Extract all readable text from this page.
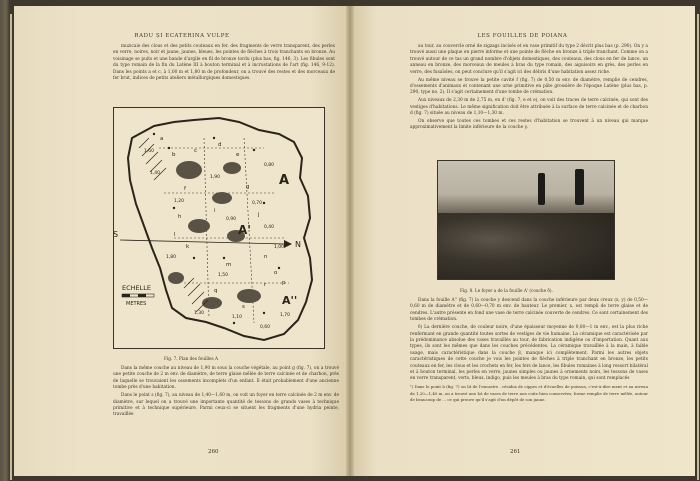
RADU ȘI ECATERINA VULPE

muzicaie des clous et des petits couteaux en fer, des fragments de verre transparent, des perles en verre, noires, noir et jaune, jaunes, bleues, les pointes de flèches à trois tranchants en bronze. Au voisinage se puits et une bande d'argile en fil de bronze tordu (plus bas, fig. 146, 3). Les fibules sont du type romain de la fin du Latène III à bouton terminal et à incrustations de l'art (fig. 146, 9-12). Dans les points a et c, à 1,00 m et 1,80 m de profondeur, on a trouvé des restes et des morceaux de fer brut, indices de petits ateliers métallurgiques domestiques.

Fig. 7. Plan des fouilles A

Dans la même couche au niveau de 1,90 m sous la couche végétale, au point g (fig. 7), on a trouvé une petite couche de 2 m env. de diamètre, de terre glaise mêlée de terre calcinée et de charbon, près de laquelle se trouvaient les ossements incomplets d'un enfant. Il était probablement d'une ancienne tombe près d'une habitation.

Dans le point s (fig. 7), au niveau de 1,40—1,60 m, on voit un foyer en terre calcinée de 2 m env. de diamètre, sur lequel on a trouvé une importante quantité de tessons de grands vases à technique primitive et à technique supérieure. Parmi ceux-ci se situent les fragments d'une hydria peinte, travaillée

260
S
N
A
A'
A''
a
b
c
d
e
f	g
h
i
j
k
l
m
n
o
p
q
r
s
1,60
1,40
0,80
1,20
1,90
0,90
1,80
1,50
0,40
1,00
1,30
1,10
0,60
1,70
0,70
ECHELLE
METRES
LES FOUILLES DE POIANA

au tour, au couvercle orné de zigzags incisés et en vase primitif du type 2 décrit plus bas (p. 290). On y a trouvé aussi une plaque en pierre informe et une pointe de flèche en bronze à triple tranchant. Comme on a trouvé autour de ce tas un grand nombre d'objets domestiques, des couteaux, des clous en fer de lance, un anneau en bronze, des morceaux de meules à bras du type romain, des aiguisoirs en grès, des perles en verre, des fusaïoles, on peut conclure qu'il s'agit ici des débris d'une habitation assez riche.

Au même niveau se trouve la petite cavité f (fig. 7) de 0,50 m env. de diamètre, remplie de cendres, d'ossements d'animaux et contenant une urne primitive en pâte grossière de l'époque Latène (plus bas, p. 290, type no. 2). Il s'agit certainement d'une tombe de crémation.

Aux niveaux de 2,30 m de 2,75 m, en d' (fig. 7, e et e), on voit des traces de terre calcinée, qui sont des vestiges d'habitations. Le même signification doit être attribuée à la surface de terre calcinée et de charbon d (fig. 7) située au niveau de 1,10—1,30 m.

On observe que toutes ces tombes et ces restes d'habitation se trouvent à un niveau qui marque approximativement la limite inférieure de la couche γ.

Fig. 8. Le foyer a de la fouille A' (couche δ).

Dans la fouille A'' (fig. 7) la couche y descend dans la couche inférieure par deux creux (x, y) de 0,50—0,60 m de diamètre et de 0,60—0,70 m env. de hauteur. Le premier, x, est rempli de terre glaise et de cendres. L'autre présente en fond une vase de terre calcinée couverte de cendres. Ce sont certainement des tombes de crémation.

δ) La dernière couche, de couleur noire, d'une épaisseur moyenne de 0,80—1 m env., est la plus riche renfermant en grande quantité toutes sortes de vestiges de vie humaine. La céramique est caractérisée par la prédominance absolue des vases travaillés au tour, de fabrication indigène ou d'importation. Quant aux types, ils sont les mêmes que dans les couches précédentes. La céramique travaillée à la main, à faible usage, mais caractéristique dans la couche β, manque ici complètement. Parmi les autres objets caractéristiques de cette couche je vois les pointes de flèches à triple tranchant en bronze, les petits couteaux en fer, les clous et les crochets en fer, les fers de lance, les fibules romaines à long ressort bilatéral et à bouton terminal, les perles en verre, jaunes simples ou jaunes à ornements noirs, les tessons de vases en verre transparent, verts, bleus, indigo, puis les meules à bras du type romain, qui sont remplacés

¹) Dans le point h (fig. 7) on lit de l'encastre . résidus de cippes et d'écuelles de poisson, c'est-à-dire ment et au niveau de 1,20—1,40 m, on a trouvé une lot de vases de terre non cuite bien conservées; forme remplie de terre mêlée, autour de beaucoup de ... ce qui prouve qu'il s'agit d'un dépôt de son jaune.

261
